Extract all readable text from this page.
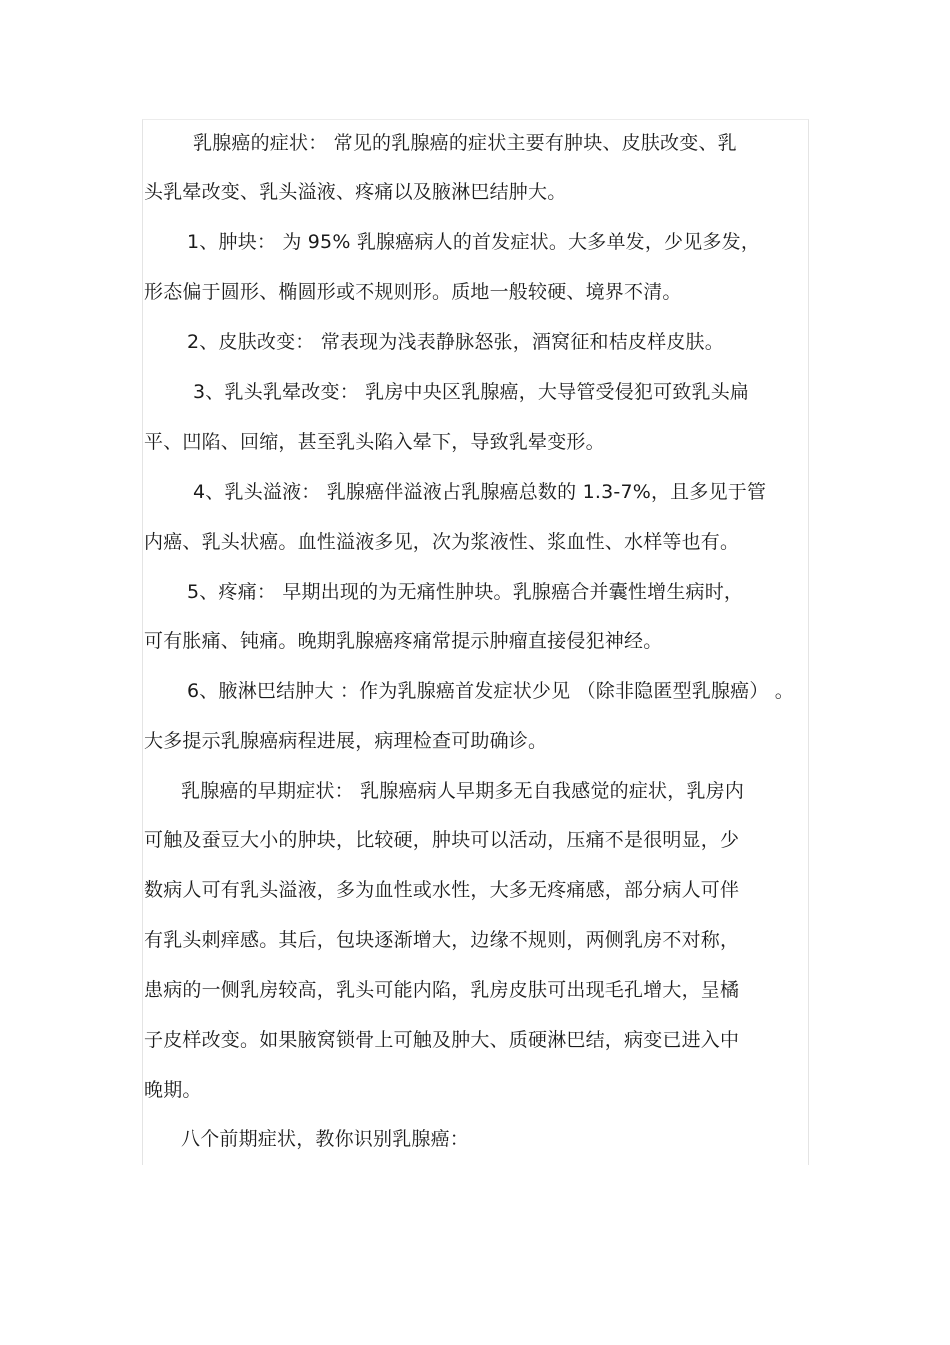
乳腺癌的症状： 常见的乳腺癌的症状主要有肿块、皮肤改变、乳
头乳晕改变、乳头溢液、疼痛以及腋淋巴结肿大。
1、肿块： 为 95% 乳腺癌病人的首发症状。大多单发，少见多发，
形态偏于圆形、椭圆形或不规则形。质地一般较硬、境界不清。
2、皮肤改变： 常表现为浅表静脉怒张，酒窝征和桔皮样皮肤。
3、乳头乳晕改变： 乳房中央区乳腺癌，大导管受侵犯可致乳头扁
平、凹陷、回缩，甚至乳头陷入晕下，导致乳晕变形。
4、乳头溢液： 乳腺癌伴溢液占乳腺癌总数的 1.3-7%，且多见于管
内癌、乳头状癌。血性溢液多见，次为浆液性、浆血性、水样等也有。
5、疼痛： 早期出现的为无痛性肿块。乳腺癌合并囊性增生病时，
可有胀痛、钝痛。晚期乳腺癌疼痛常提示肿瘤直接侵犯神经。
6、腋淋巴结肿大 ：作为乳腺癌首发症状少见 （除非隐匿型乳腺癌） 。
大多提示乳腺癌病程进展，病理检查可助确诊。
乳腺癌的早期症状： 乳腺癌病人早期多无自我感觉的症状，乳房内
可触及蚕豆大小的肿块，比较硬，肿块可以活动，压痛不是很明显，少
数病人可有乳头溢液，多为血性或水性，大多无疼痛感，部分病人可伴
有乳头刺痒感。其后，包块逐渐增大，边缘不规则，两侧乳房不对称，
患病的一侧乳房较高，乳头可能内陷，乳房皮肤可出现毛孔增大，呈橘
子皮样改变。如果腋窝锁骨上可触及肿大、质硬淋巴结，病变已进入中
晚期。
八个前期症状，教你识别乳腺癌：
